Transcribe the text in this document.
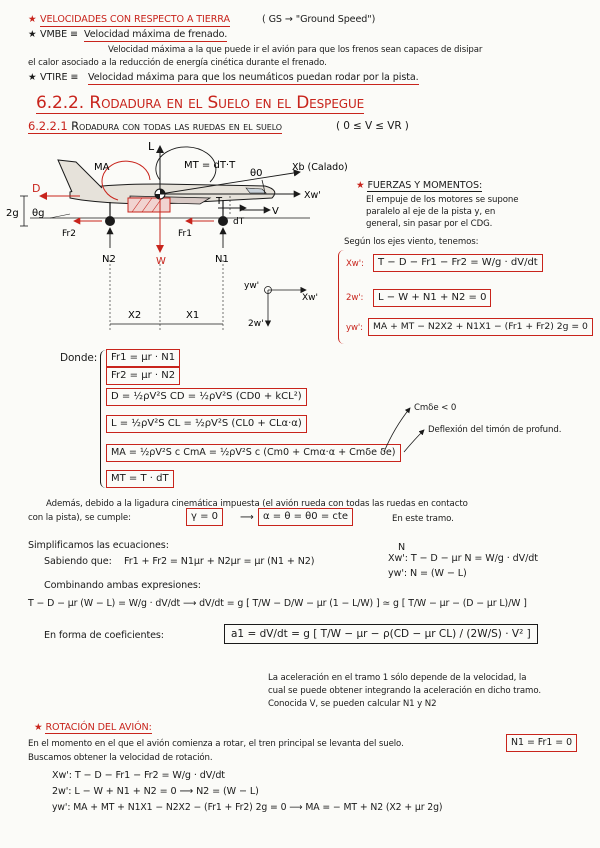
★ VELOCIDADES CON RESPECTO A TIERRA	( GS → "Ground Speed")
★ VMBE ≡ Velocidad máxima de frenado.
Velocidad máxima a la que puede ir el avión para que los frenos sean capaces de disipar
el calor asociado a la reducción de energía cinética durante el frenado.
★ VTIRE ≡ Velocidad máxima para que los neumáticos puedan rodar por la pista.
6.2.2. Rodadura en el Suelo en el Despegue
6.2.2.1 Rodadura con todas las ruedas en el suelo	( 0 ≤ V ≤ VR )
L
MA	MT = dT·T
θ0
Xb (Calado)
Xw'
D
V
T
dT
2g θg
Fr2	Fr1
N2	W	N1
yw'
Xw'
2w'
X2	X1
★ FUERZAS Y MOMENTOS:
El empuje de los motores se supone
paralelo al eje de la pista y, en
general, sin pasar por el CDG.
Según los ejes viento, tenemos:
Xw':	T − D − Fr1 − Fr2 = W/g · dV/dt
2w':	L − W + N1 + N2 = 0
yw':	MA + MT − N2X2 + N1X1 − (Fr1 + Fr2) 2g = 0
Donde:	Fr1 = μr · N1
Fr2 = μr · N2
D = ½ρV²S CD = ½ρV²S (CD0 + kCL²)
L = ½ρV²S CL = ½ρV²S (CL0 + CLα·α)
MA = ½ρV²S c CmA = ½ρV²S c (Cm0 + Cmα·α + Cmδe δe)
MT = T · dT
Cmδe < 0
Deflexión del timón de profund.
Además, debido a la ligadura cinemática impuesta (el avión rueda con todas las ruedas en contacto
con la pista), se cumple:	γ = 0	⟶ α = θ = θ0 = cte	En este tramo.
Simplificamos las ecuaciones:
Sabiendo que: Fr1 + Fr2 = N1μr + N2μr = μr (N1 + N2)
N
Xw': T − D − μr N = W/g · dV/dt
yw': N = (W − L)
Combinando ambas expresiones:
T − D − μr (W − L) = W/g · dV/dt ⟶ dV/dt = g [ T/W − D/W − μr (1 − L/W) ] ≃ g [ T/W − μr − (D − μr L)/W ]
En forma de coeficientes:	a1 = dV/dt = g [ T/W − μr − ρ(CD − μr CL) / (2W/S) · V² ]
La aceleración en el tramo 1 sólo depende de la velocidad, la
cual se puede obtener integrando la aceleración en dicho tramo.
Conocida V, se pueden calcular N1 y N2
★ ROTACIÓN DEL AVIÓN:
En el momento en el que el avión comienza a rotar, el tren principal se levanta del suelo.	N1 = Fr1 = 0
Buscamos obtener la velocidad de rotación.
Xw': T − D − Fr1 − Fr2 = W/g · dV/dt
2w': L − W + N1 + N2 = 0 ⟶ N2 = (W − L)
yw': MA + MT + N1X1 − N2X2 − (Fr1 + Fr2) 2g = 0 ⟶ MA = − MT + N2 (X2 + μr 2g)
